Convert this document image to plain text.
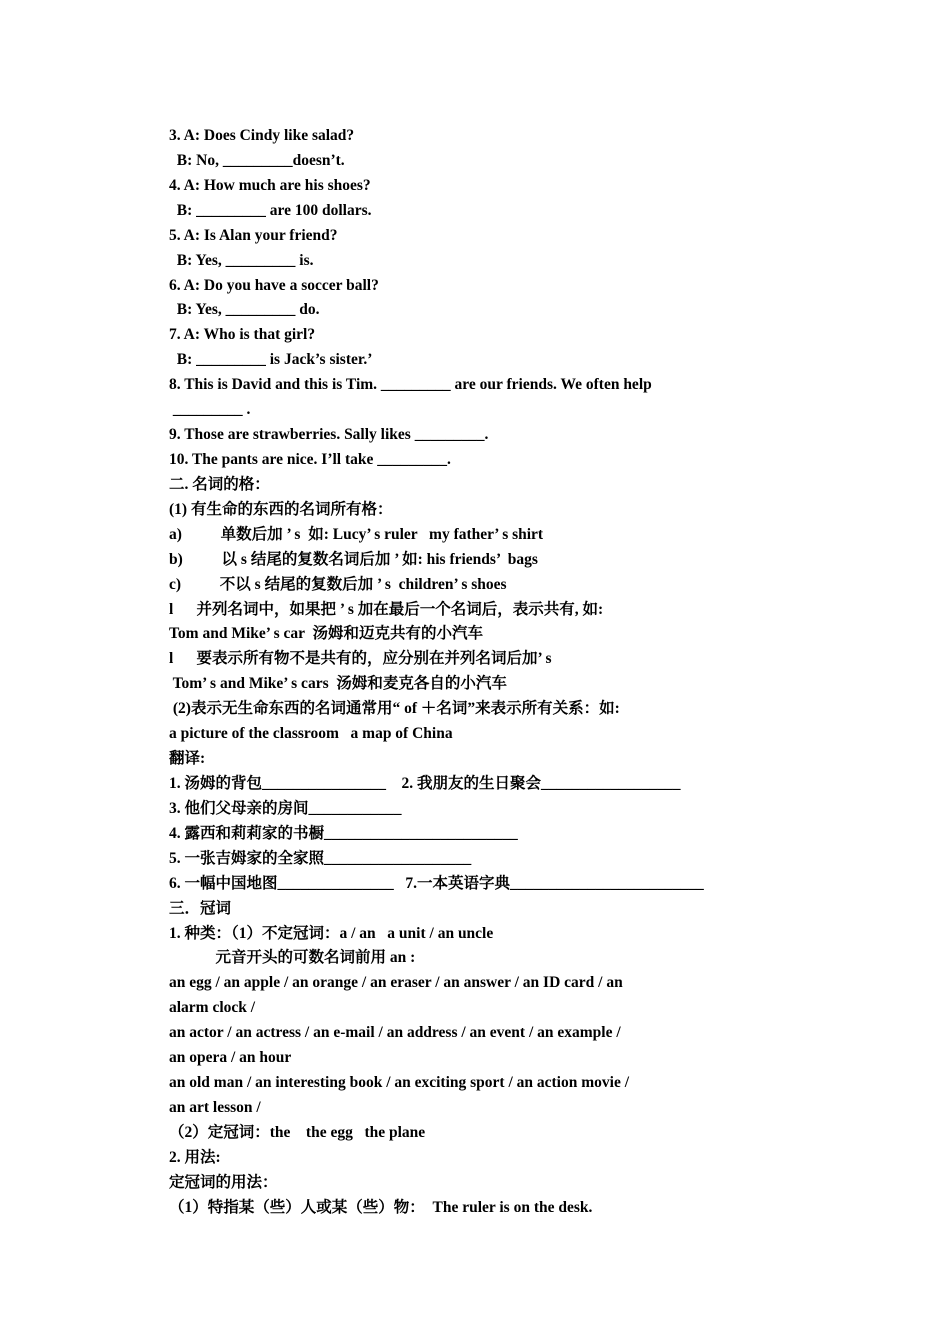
3. A: Does Cindy like salad?
B: No, _________doesn’t.
4. A: How much are his shoes?
B: _________ are 100 dollars.
5. A: Is Alan your friend?
B: Yes, _________ is.
6. A: Do you have a soccer ball?
B: Yes, _________ do.
7. A: Who is that girl?
B: _________ is Jack’s sister.’
8. This is David and this is Tim. _________ are our friends. We often help
_________ .
9. Those are strawberries. Sally likes _________.
10. The pants are nice. I’ll take _________.
二. 名词的格：
(1) 有生命的东西的名词所有格：
a)          单数后加 ’ s  如: Lucy’ s ruler   my father’ s shirt
b)          以 s 结尾的复数名词后加 ’ 如: his friends’  bags
c)          不以 s 结尾的复数后加 ’ s  children’ s shoes
l      并列名词中，如果把 ’ s 加在最后一个名词后，表示共有, 如:
Tom and Mike’ s car  汤姆和迈克共有的小汽车
l      要表示所有物不是共有的，应分别在并列名词后加’ s
Tom’ s and Mike’ s cars  汤姆和麦克各自的小汽车
(2)表示无生命东西的名词通常用“ of ＋名词”来表示所有关系：如:
a picture of the classroom   a map of China
翻译:
1. 汤姆的背包________________    2. 我朋友的生日聚会__________________
3. 他们父母亲的房间____________
4. 露西和莉莉家的书橱_________________________
5. 一张吉姆家的全家照___________________
6. 一幅中国地图_______________   7.一本英语字典_________________________
三．冠词
1. 种类：（1）不定冠词：a / an   a unit / an uncle
元音开头的可数名词前用 an :
an egg / an apple / an orange / an eraser / an answer / an ID card / an
alarm clock /
an actor / an actress / an e-mail / an address / an event / an example /
an opera / an hour
an old man / an interesting book / an exciting sport / an action movie /
an art lesson /
（2）定冠词：the    the egg   the plane
2. 用法:
定冠词的用法：
（1）特指某（些）人或某（些）物：  The ruler is on the desk.
